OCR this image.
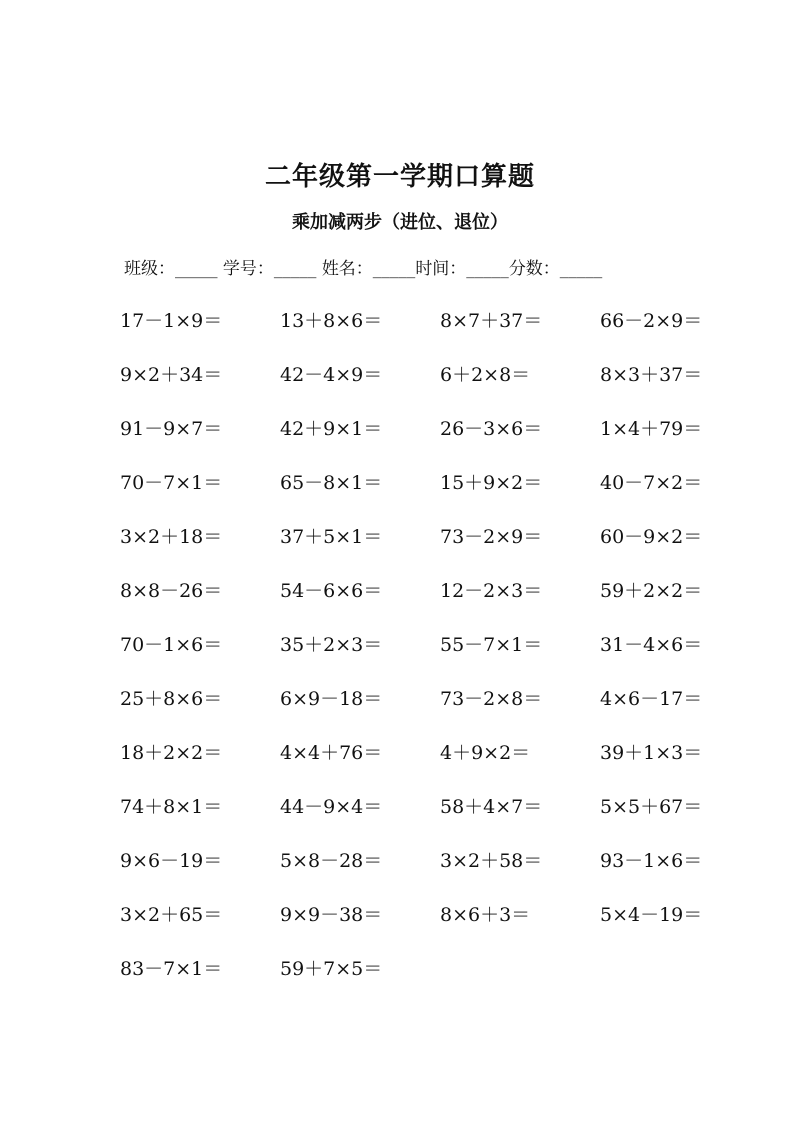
二年级第一学期口算题
乘加减两步（进位、退位）
班级：_____ 学号：_____ 姓名：_____时间：_____分数：_____
17－1×9＝	13＋8×6＝	8×7＋37＝	66－2×9＝
9×2＋34＝	42－4×9＝	6＋2×8＝	8×3＋37＝
91－9×7＝	42＋9×1＝	26－3×6＝	1×4＋79＝
70－7×1＝	65－8×1＝	15＋9×2＝	40－7×2＝
3×2＋18＝	37＋5×1＝	73－2×9＝	60－9×2＝
8×8－26＝	54－6×6＝	12－2×3＝	59＋2×2＝
70－1×6＝	35＋2×3＝	55－7×1＝	31－4×6＝
25＋8×6＝	6×9－18＝	73－2×8＝	4×6－17＝
18＋2×2＝	4×4＋76＝	4＋9×2＝	39＋1×3＝
74＋8×1＝	44－9×4＝	58＋4×7＝	5×5＋67＝
9×6－19＝	5×8－28＝	3×2＋58＝	93－1×6＝
3×2＋65＝	9×9－38＝	8×6＋3＝	5×4－19＝
83－7×1＝	59＋7×5＝
